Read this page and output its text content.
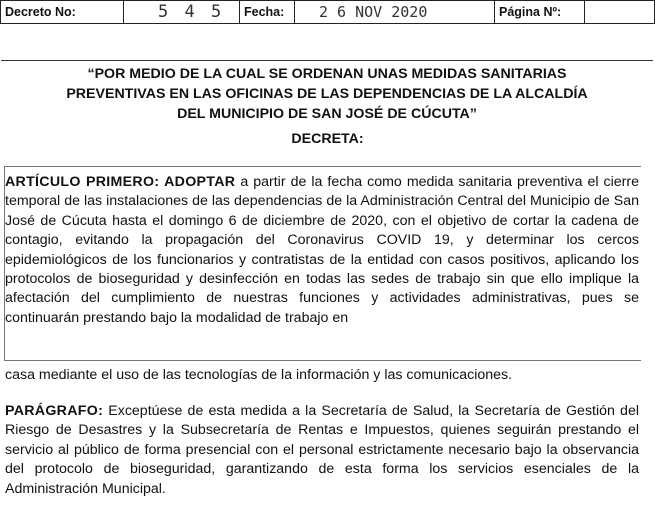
Decreto No:	5 4 5	Fecha:	2 6 NOV 2020	Página Nº:	
“POR MEDIO DE LA CUAL SE ORDENAN UNAS MEDIDAS SANITARIAS
PREVENTIVAS EN LAS OFICINAS DE LAS DEPENDENCIAS DE LA ALCALDÍA
DEL MUNICIPIO DE SAN JOSÉ DE CÚCUTA”
DECRETA:
ARTÍCULO PRIMERO: ADOPTAR a partir de la fecha como medida sanitaria preventiva el cierre temporal de las instalaciones de las dependencias de la Administración Central del Municipio de San José de Cúcuta hasta el domingo 6 de diciembre de 2020, con el objetivo de cortar la cadena de contagio, evitando la propagación del Coronavirus COVID 19, y determinar los cercos epidemiológicos de los funcionarios y contratistas de la entidad con casos positivos, aplicando los protocolos de bioseguridad y desinfección en todas las sedes de trabajo sin que ello implique la afectación del cumplimiento de nuestras funciones y actividades administrativas, pues se continuarán prestando bajo la modalidad de trabajo en
casa mediante el uso de las tecnologías de la información y las comunicaciones.
PARÁGRAFO: Exceptúese de esta medida a la Secretaría de Salud, la Secretaría de Gestión del Riesgo de Desastres y la Subsecretaría de Rentas e Impuestos, quienes seguirán prestando el servicio al público de forma presencial con el personal estrictamente necesario bajo la observancia del protocolo de bioseguridad, garantizando de esta forma los servicios esenciales de la Administración Municipal.
